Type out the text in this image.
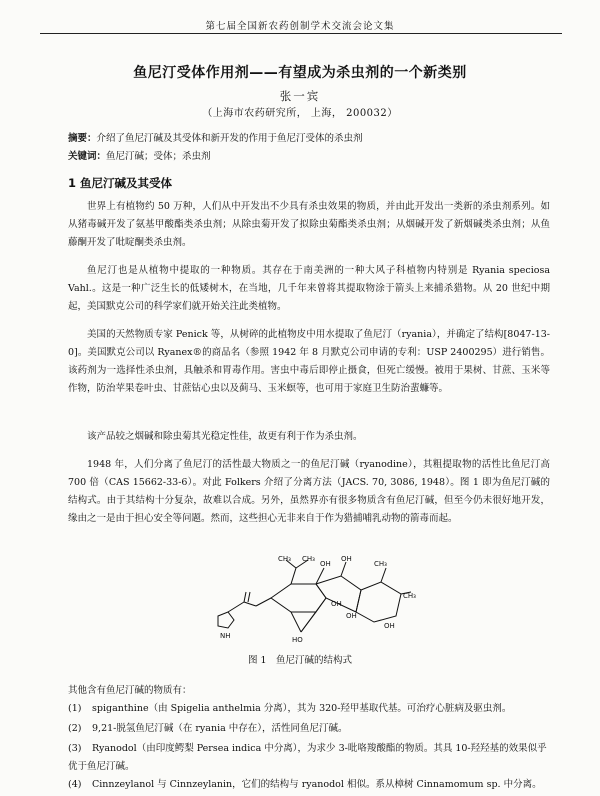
第七届全国新农药创制学术交流会论文集
鱼尼汀受体作用剂——有望成为杀虫剂的一个新类别
张一宾
（上海市农药研究所， 上海， 200032）
摘要：介绍了鱼尼汀碱及其受体和新开发的作用于鱼尼汀受体的杀虫剂
关键词：鱼尼汀碱；受体；杀虫剂
1 鱼尼汀碱及其受体

世界上有植物约 50 万种，人们从中开发出不少具有杀虫效果的物质，并由此开发出一类新的杀虫剂系列。如从猪毒碱开发了氨基甲酸酯类杀虫剂；从除虫菊开发了拟除虫菊酯类杀虫剂；从烟碱开发了新烟碱类杀虫剂；从鱼藤酮开发了吡啶酮类杀虫剂。

鱼尼汀也是从植物中提取的一种物质。其存在于南美洲的一种大风子科植物内特别是 Ryania speciosa Vahl.。这是一种广泛生长的低矮树木，在当地，几千年来曾将其提取物涂于箭头上来捕杀猎物。从 20 世纪中期起，美国默克公司的科学家们就开始关注此类植物。

美国的天然物质专家 Penick 等，从树碎的此植物皮中用水提取了鱼尼汀（ryania），并确定了结构[8047-13-0]。美国默克公司以 Ryanex®的商品名（参照 1942 年 8 月默克公司申请的专利：USP 2400295）进行销售。该药剂为一选择性杀虫剂，具触杀和胃毒作用。害虫中毒后即停止摄食，但死亡缓慢。被用于果树、甘蔗、玉米等作物，防治苹果卷叶虫、甘蔗钻心虫以及蓟马、玉米螟等，也可用于家庭卫生防治蜚蠊等。

该产品较之烟碱和除虫菊其光稳定性佳，故更有利于作为杀虫剂。

1948 年，人们分离了鱼尼汀的活性最大物质之一的鱼尼汀碱（ryanodine），其粗提取物的活性比鱼尼汀高 700 倍（CAS 15662-33-6）。对此 Folkers 介绍了分离方法（JACS. 70, 3086, 1948）。图 1 即为鱼尼汀碱的结构式。由于其结构十分复杂，故难以合成。另外，虽然界亦有很多物质含有鱼尼汀碱，但至今仍未很好地开发，缘由之一是由于担心安全等问题。然而，这些担心无非来自于作为猎捕哺乳动物的箭毒而起。

CH₃ CH₃
CH₃
CH₃
OH
OH
OH
OH
OH
HO
NH
图 1　鱼尼汀碱的结构式
其他含有鱼尼汀碱的物质有：

(1) spiganthine（由 Spigelia anthelmia 分离），其为 320-羟甲基取代基。可治疗心脏病及驱虫剂。

(2) 9,21-脱氢鱼尼汀碱（在 ryania 中存在），活性同鱼尼汀碱。

(3) Ryanodol（由印度鳄梨 Persea indica 中分离），为求少 3-吡咯羧酸酯的物质。其具 10-羟羟基的效果似乎优于鱼尼汀碱。

(4) Cinnzeylanol 与 Cinnzeylanin，它们的结构与 ryanodol 相似。系从樟树 Cinnamomum sp. 中分离。
